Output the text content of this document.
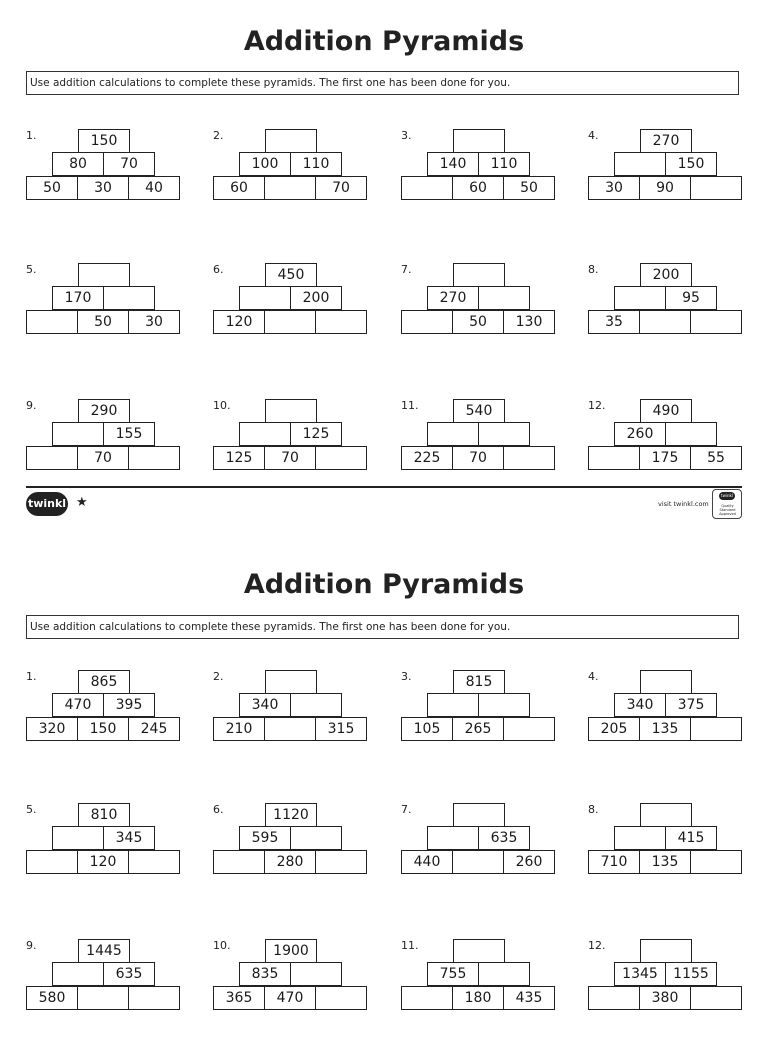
Addition Pyramids
Use addition calculations to complete these pyramids. The first one has been done for you.
1.	150
80	70
50	30	40
2.
100	110
60	70
3.
140	110
60	50
4.	270
150
30	90
5.
170
50	30
6.	450
200
120
7.
270
50	130
8.	200
95
35
9.	290
155
70
10.
125
125	70
11.	540
225	70
12.	490
260
175	55
twinkl ★	visit twinkl.com
twinkl
Quality Standard Approved
Addition Pyramids
Use addition calculations to complete these pyramids. The first one has been done for you.
1.	865
470	395
320	150	245
2.
340
210	315
3.	815
105	265
4.
340	375
205	135
5.	810
345
120
6.	1120
595
280
7.
635
440	260
8.
415
710	135
9.	1445
635
580
10.	1900
835
365	470
11.
755
180	435
12.
1345	1155
380
